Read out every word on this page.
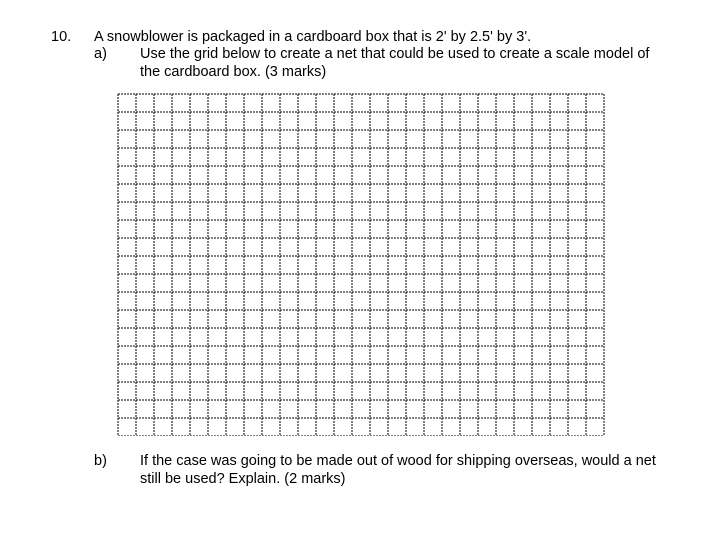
10. A snowblower is packaged in a cardboard box that is 2' by 2.5' by 3'.
a) Use the grid below to create a net that could be used to create a scale model of
the cardboard box. (3 marks)
b) If the case was going to be made out of wood for shipping overseas, would a net
still be used? Explain. (2 marks)
